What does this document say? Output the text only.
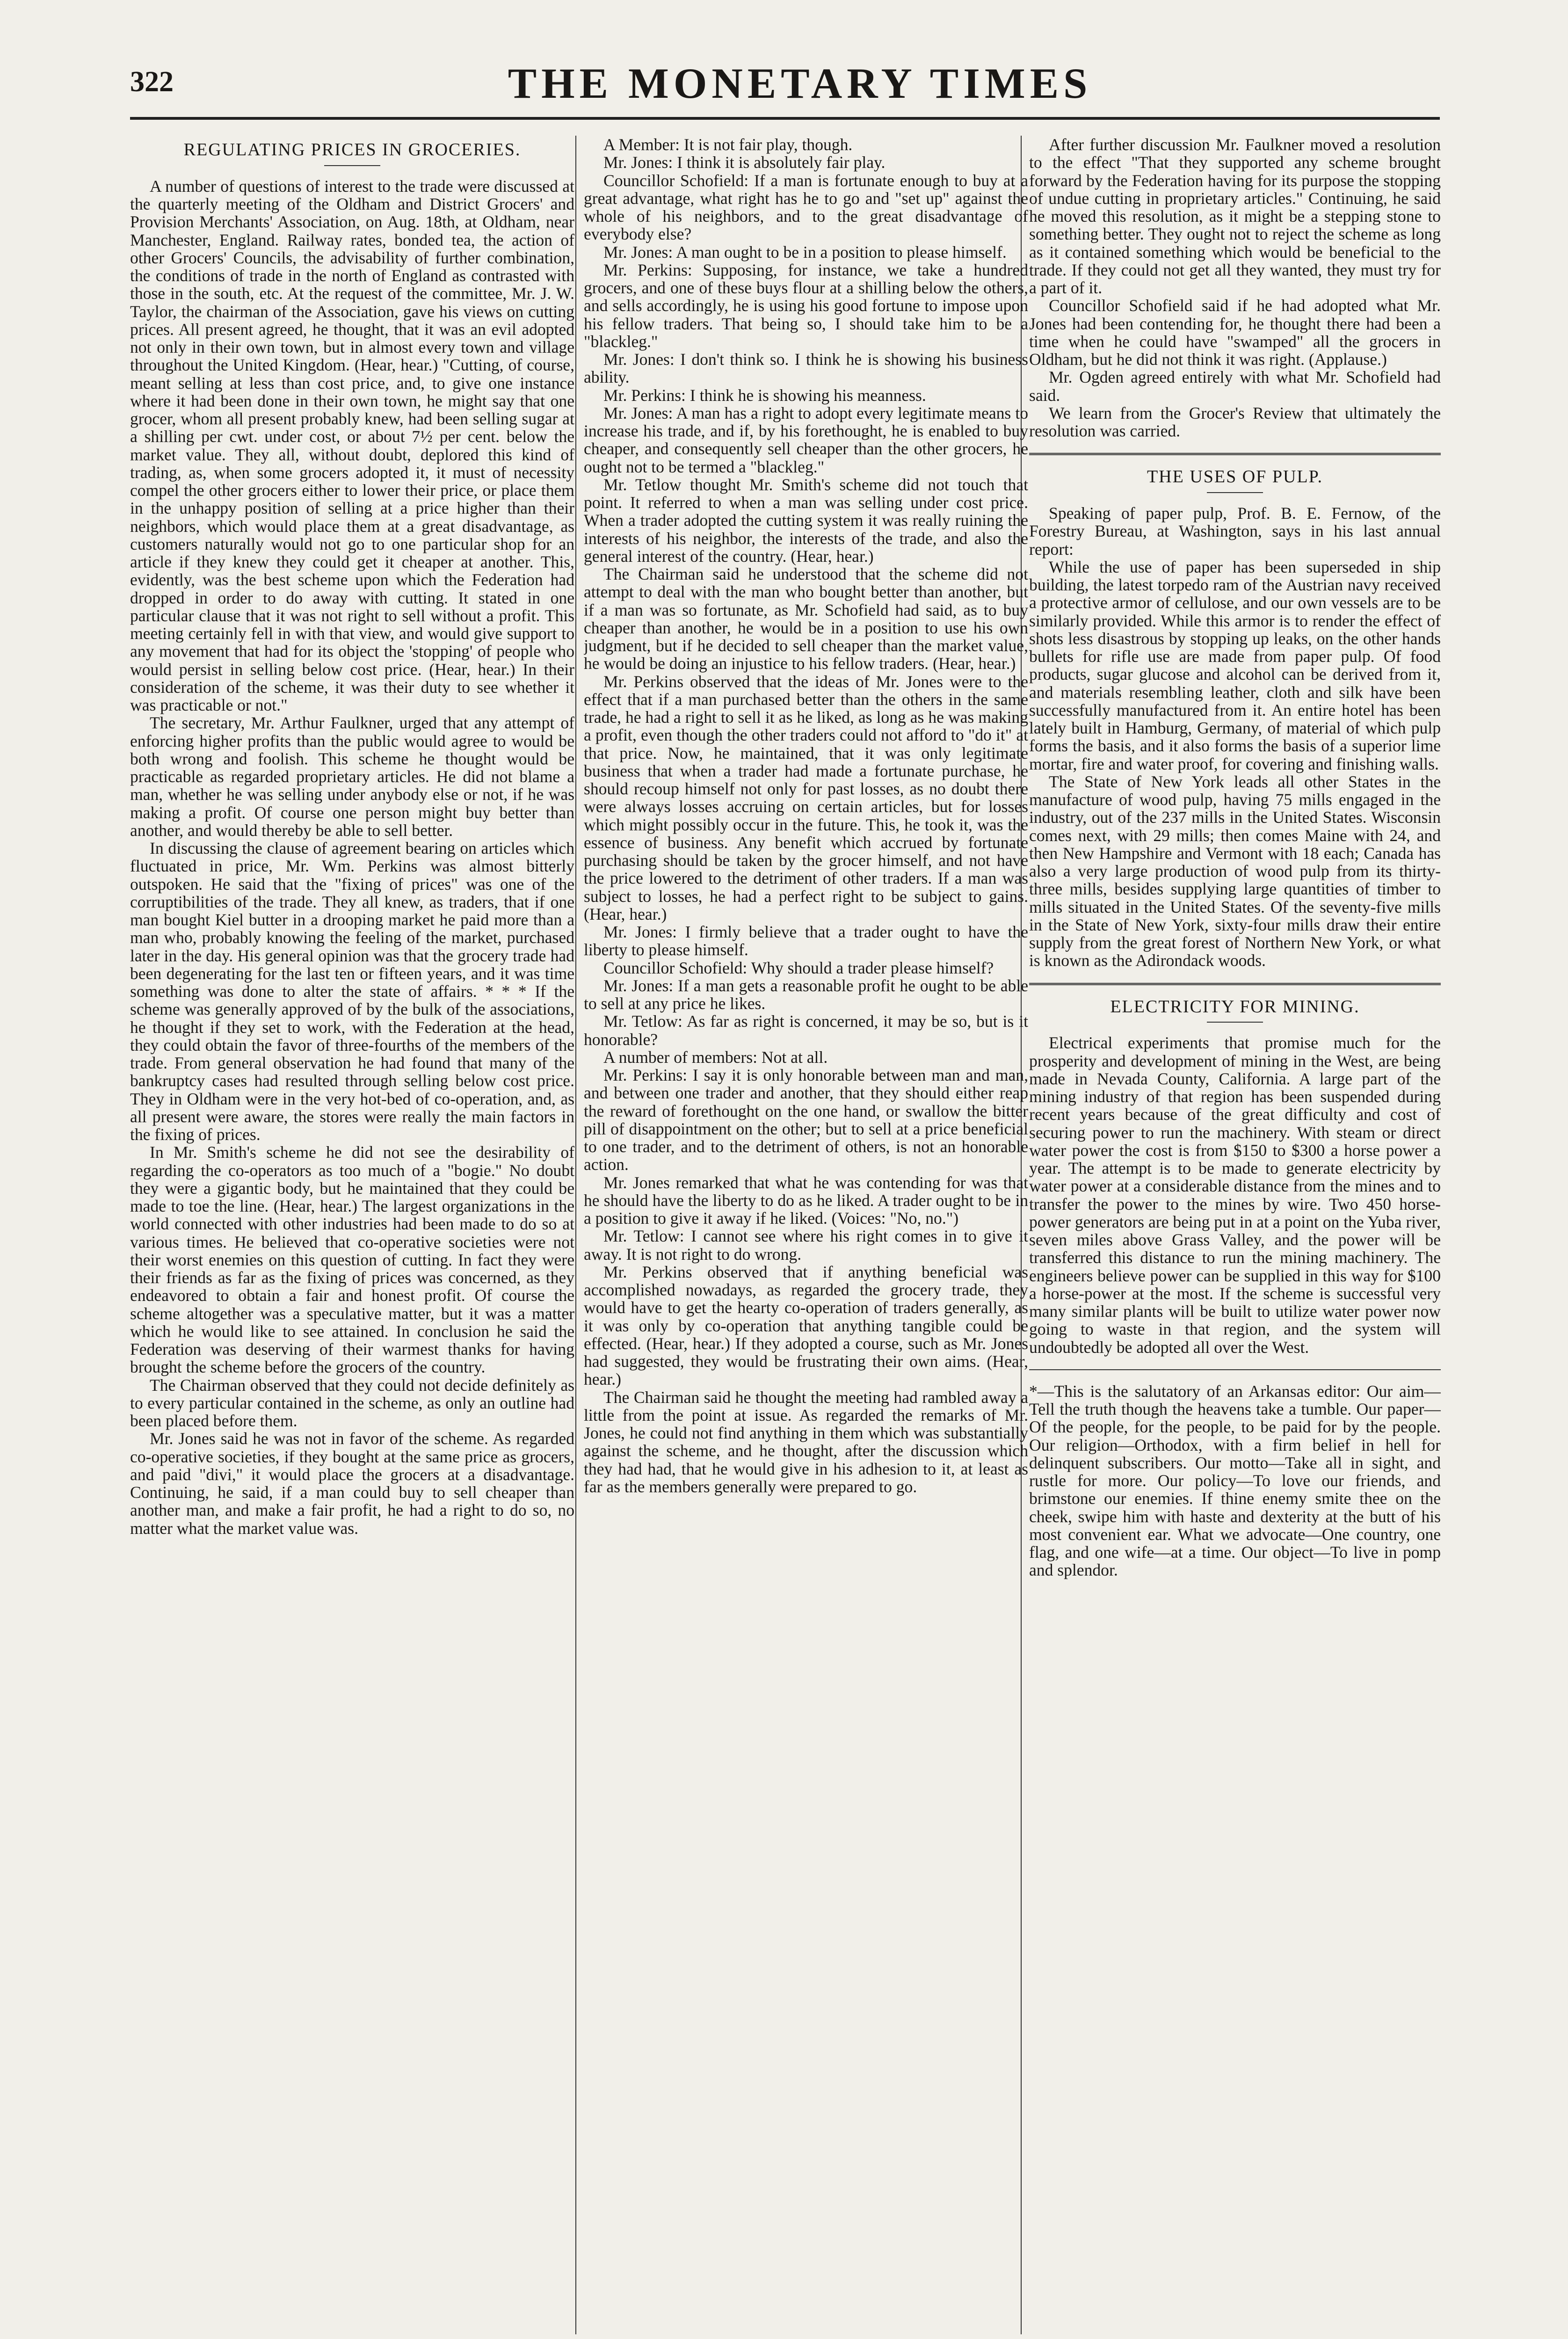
322	THE MONETARY TIMES
REGULATING PRICES IN GROCERIES.

A number of questions of interest to the trade were discussed at the quarterly meeting of the Oldham and District Grocers' and Provision Merchants' Association, on Aug. 18th, at Oldham, near Manchester, England. Railway rates, bonded tea, the action of other Grocers' Councils, the advisability of further combination, the conditions of trade in the north of England as contrasted with those in the south, etc. At the request of the committee, Mr. J. W. Taylor, the chairman of the Association, gave his views on cutting prices. All present agreed, he thought, that it was an evil adopted not only in their own town, but in almost every town and village throughout the United Kingdom. (Hear, hear.) "Cutting, of course, meant selling at less than cost price, and, to give one instance where it had been done in their own town, he might say that one grocer, whom all present probably knew, had been selling sugar at a shilling per cwt. under cost, or about 7½ per cent. below the market value. They all, without doubt, deplored this kind of trading, as, when some grocers adopted it, it must of necessity compel the other grocers either to lower their price, or place them in the unhappy position of selling at a price higher than their neighbors, which would place them at a great disadvantage, as customers naturally would not go to one particular shop for an article if they knew they could get it cheaper at another. This, evidently, was the best scheme upon which the Federation had dropped in order to do away with cutting. It stated in one particular clause that it was not right to sell without a profit. This meeting certainly fell in with that view, and would give support to any movement that had for its object the 'stopping' of people who would persist in selling below cost price. (Hear, hear.) In their consideration of the scheme, it was their duty to see whether it was practicable or not."

The secretary, Mr. Arthur Faulkner, urged that any attempt of enforcing higher profits than the public would agree to would be both wrong and foolish. This scheme he thought would be practicable as regarded proprietary articles. He did not blame a man, whether he was selling under anybody else or not, if he was making a profit. Of course one person might buy better than another, and would thereby be able to sell better.

In discussing the clause of agreement bearing on articles which fluctuated in price, Mr. Wm. Perkins was almost bitterly outspoken. He said that the "fixing of prices" was one of the corruptibilities of the trade. They all knew, as traders, that if one man bought Kiel butter in a drooping market he paid more than a man who, probably knowing the feeling of the market, purchased later in the day. His general opinion was that the grocery trade had been degenerating for the last ten or fifteen years, and it was time something was done to alter the state of affairs. * * * If the scheme was generally approved of by the bulk of the associations, he thought if they set to work, with the Federation at the head, they could obtain the favor of three-fourths of the members of the trade. From general observation he had found that many of the bankruptcy cases had resulted through selling below cost price. They in Oldham were in the very hot-bed of co-operation, and, as all present were aware, the stores were really the main factors in the fixing of prices.

In Mr. Smith's scheme he did not see the desirability of regarding the co-operators as too much of a "bogie." No doubt they were a gigantic body, but he maintained that they could be made to toe the line. (Hear, hear.) The largest organizations in the world connected with other industries had been made to do so at various times. He believed that co-operative societies were not their worst enemies on this question of cutting. In fact they were their friends as far as the fixing of prices was concerned, as they endeavored to obtain a fair and honest profit. Of course the scheme altogether was a speculative matter, but it was a matter which he would like to see attained. In conclusion he said the Federation was deserving of their warmest thanks for having brought the scheme before the grocers of the country.

The Chairman observed that they could not decide definitely as to every particular contained in the scheme, as only an outline had been placed before them.

Mr. Jones said he was not in favor of the scheme. As regarded co-operative societies, if they bought at the same price as grocers, and paid "divi," it would place the grocers at a disadvantage. Continuing, he said, if a man could buy to sell cheaper than another man, and make a fair profit, he had a right to do so, no matter what the market value was.

A Member: It is not fair play, though.

Mr. Jones: I think it is absolutely fair play.

Councillor Schofield: If a man is fortunate enough to buy at a great advantage, what right has he to go and "set up" against the whole of his neighbors, and to the great disadvantage of everybody else?

Mr. Jones: A man ought to be in a position to please himself.

Mr. Perkins: Supposing, for instance, we take a hundred grocers, and one of these buys flour at a shilling below the others, and sells accordingly, he is using his good fortune to impose upon his fellow traders. That being so, I should take him to be a "blackleg."

Mr. Jones: I don't think so. I think he is showing his business ability.

Mr. Perkins: I think he is showing his meanness.

Mr. Jones: A man has a right to adopt every legitimate means to increase his trade, and if, by his forethought, he is enabled to buy cheaper, and consequently sell cheaper than the other grocers, he ought not to be termed a "blackleg."

Mr. Tetlow thought Mr. Smith's scheme did not touch that point. It referred to when a man was selling under cost price. When a trader adopted the cutting system it was really ruining the interests of his neighbor, the interests of the trade, and also the general interest of the country. (Hear, hear.)

The Chairman said he understood that the scheme did not attempt to deal with the man who bought better than another, but if a man was so fortunate, as Mr. Schofield had said, as to buy cheaper than another, he would be in a position to use his own judgment, but if he decided to sell cheaper than the market value, he would be doing an injustice to his fellow traders. (Hear, hear.)

Mr. Perkins observed that the ideas of Mr. Jones were to the effect that if a man purchased better than the others in the same trade, he had a right to sell it as he liked, as long as he was making a profit, even though the other traders could not afford to "do it" at that price. Now, he maintained, that it was only legitimate business that when a trader had made a fortunate purchase, he should recoup himself not only for past losses, as no doubt there were always losses accruing on certain articles, but for losses which might possibly occur in the future. This, he took it, was the essence of business. Any benefit which accrued by fortunate purchasing should be taken by the grocer himself, and not have the price lowered to the detriment of other traders. If a man was subject to losses, he had a perfect right to be subject to gains. (Hear, hear.)

Mr. Jones: I firmly believe that a trader ought to have the liberty to please himself.

Councillor Schofield: Why should a trader please himself?

Mr. Jones: If a man gets a reasonable profit he ought to be able to sell at any price he likes.

Mr. Tetlow: As far as right is concerned, it may be so, but is it honorable?

A number of members: Not at all.

Mr. Perkins: I say it is only honorable between man and man, and between one trader and another, that they should either reap the reward of forethought on the one hand, or swallow the bitter pill of disappointment on the other; but to sell at a price beneficial to one trader, and to the detriment of others, is not an honorable action.

Mr. Jones remarked that what he was contending for was that he should have the liberty to do as he liked. A trader ought to be in a position to give it away if he liked. (Voices: "No, no.")

Mr. Tetlow: I cannot see where his right comes in to give it away. It is not right to do wrong.

Mr. Perkins observed that if anything beneficial was accomplished nowadays, as regarded the grocery trade, they would have to get the hearty co-operation of traders generally, as it was only by co-operation that anything tangible could be effected. (Hear, hear.) If they adopted a course, such as Mr. Jones had suggested, they would be frustrating their own aims. (Hear, hear.)

The Chairman said he thought the meeting had rambled away a little from the point at issue. As regarded the remarks of Mr. Jones, he could not find anything in them which was substantially against the scheme, and he thought, after the discussion which they had had, that he would give in his adhesion to it, at least as far as the members generally were prepared to go.

After further discussion Mr. Faulkner moved a resolution to the effect "That they supported any scheme brought forward by the Federation having for its purpose the stopping of undue cutting in proprietary articles." Continuing, he said he moved this resolution, as it might be a stepping stone to something better. They ought not to reject the scheme as long as it contained something which would be beneficial to the trade. If they could not get all they wanted, they must try for a part of it.

Councillor Schofield said if he had adopted what Mr. Jones had been contending for, he thought there had been a time when he could have "swamped" all the grocers in Oldham, but he did not think it was right. (Applause.)

Mr. Ogden agreed entirely with what Mr. Schofield had said.

We learn from the Grocer's Review that ultimately the resolution was carried.

THE USES OF PULP.

Speaking of paper pulp, Prof. B. E. Fernow, of the Forestry Bureau, at Washington, says in his last annual report:

While the use of paper has been superseded in ship building, the latest torpedo ram of the Austrian navy received a protective armor of cellulose, and our own vessels are to be similarly provided. While this armor is to render the effect of shots less disastrous by stopping up leaks, on the other hands bullets for rifle use are made from paper pulp. Of food products, sugar glucose and alcohol can be derived from it, and materials resembling leather, cloth and silk have been successfully manufactured from it. An entire hotel has been lately built in Hamburg, Germany, of material of which pulp forms the basis, and it also forms the basis of a superior lime mortar, fire and water proof, for covering and finishing walls.

The State of New York leads all other States in the manufacture of wood pulp, having 75 mills engaged in the industry, out of the 237 mills in the United States. Wisconsin comes next, with 29 mills; then comes Maine with 24, and then New Hampshire and Vermont with 18 each; Canada has also a very large production of wood pulp from its thirty-three mills, besides supplying large quantities of timber to mills situated in the United States. Of the seventy-five mills in the State of New York, sixty-four mills draw their entire supply from the great forest of Northern New York, or what is known as the Adirondack woods.

ELECTRICITY FOR MINING.

Electrical experiments that promise much for the prosperity and development of mining in the West, are being made in Nevada County, California. A large part of the mining industry of that region has been suspended during recent years because of the great difficulty and cost of securing power to run the machinery. With steam or direct water power the cost is from $150 to $300 a horse power a year. The attempt is to be made to generate electricity by water power at a considerable distance from the mines and to transfer the power to the mines by wire. Two 450 horse-power generators are being put in at a point on the Yuba river, seven miles above Grass Valley, and the power will be transferred this distance to run the mining machinery. The engineers believe power can be supplied in this way for $100 a horse-power at the most. If the scheme is successful very many similar plants will be built to utilize water power now going to waste in that region, and the system will undoubtedly be adopted all over the West.

*—This is the salutatory of an Arkansas editor: Our aim—Tell the truth though the heavens take a tumble. Our paper—Of the people, for the people, to be paid for by the people. Our religion—Orthodox, with a firm belief in hell for delinquent subscribers. Our motto—Take all in sight, and rustle for more. Our policy—To love our friends, and brimstone our enemies. If thine enemy smite thee on the cheek, swipe him with haste and dexterity at the butt of his most convenient ear. What we advocate—One country, one flag, and one wife—at a time. Our object—To live in pomp and splendor.
